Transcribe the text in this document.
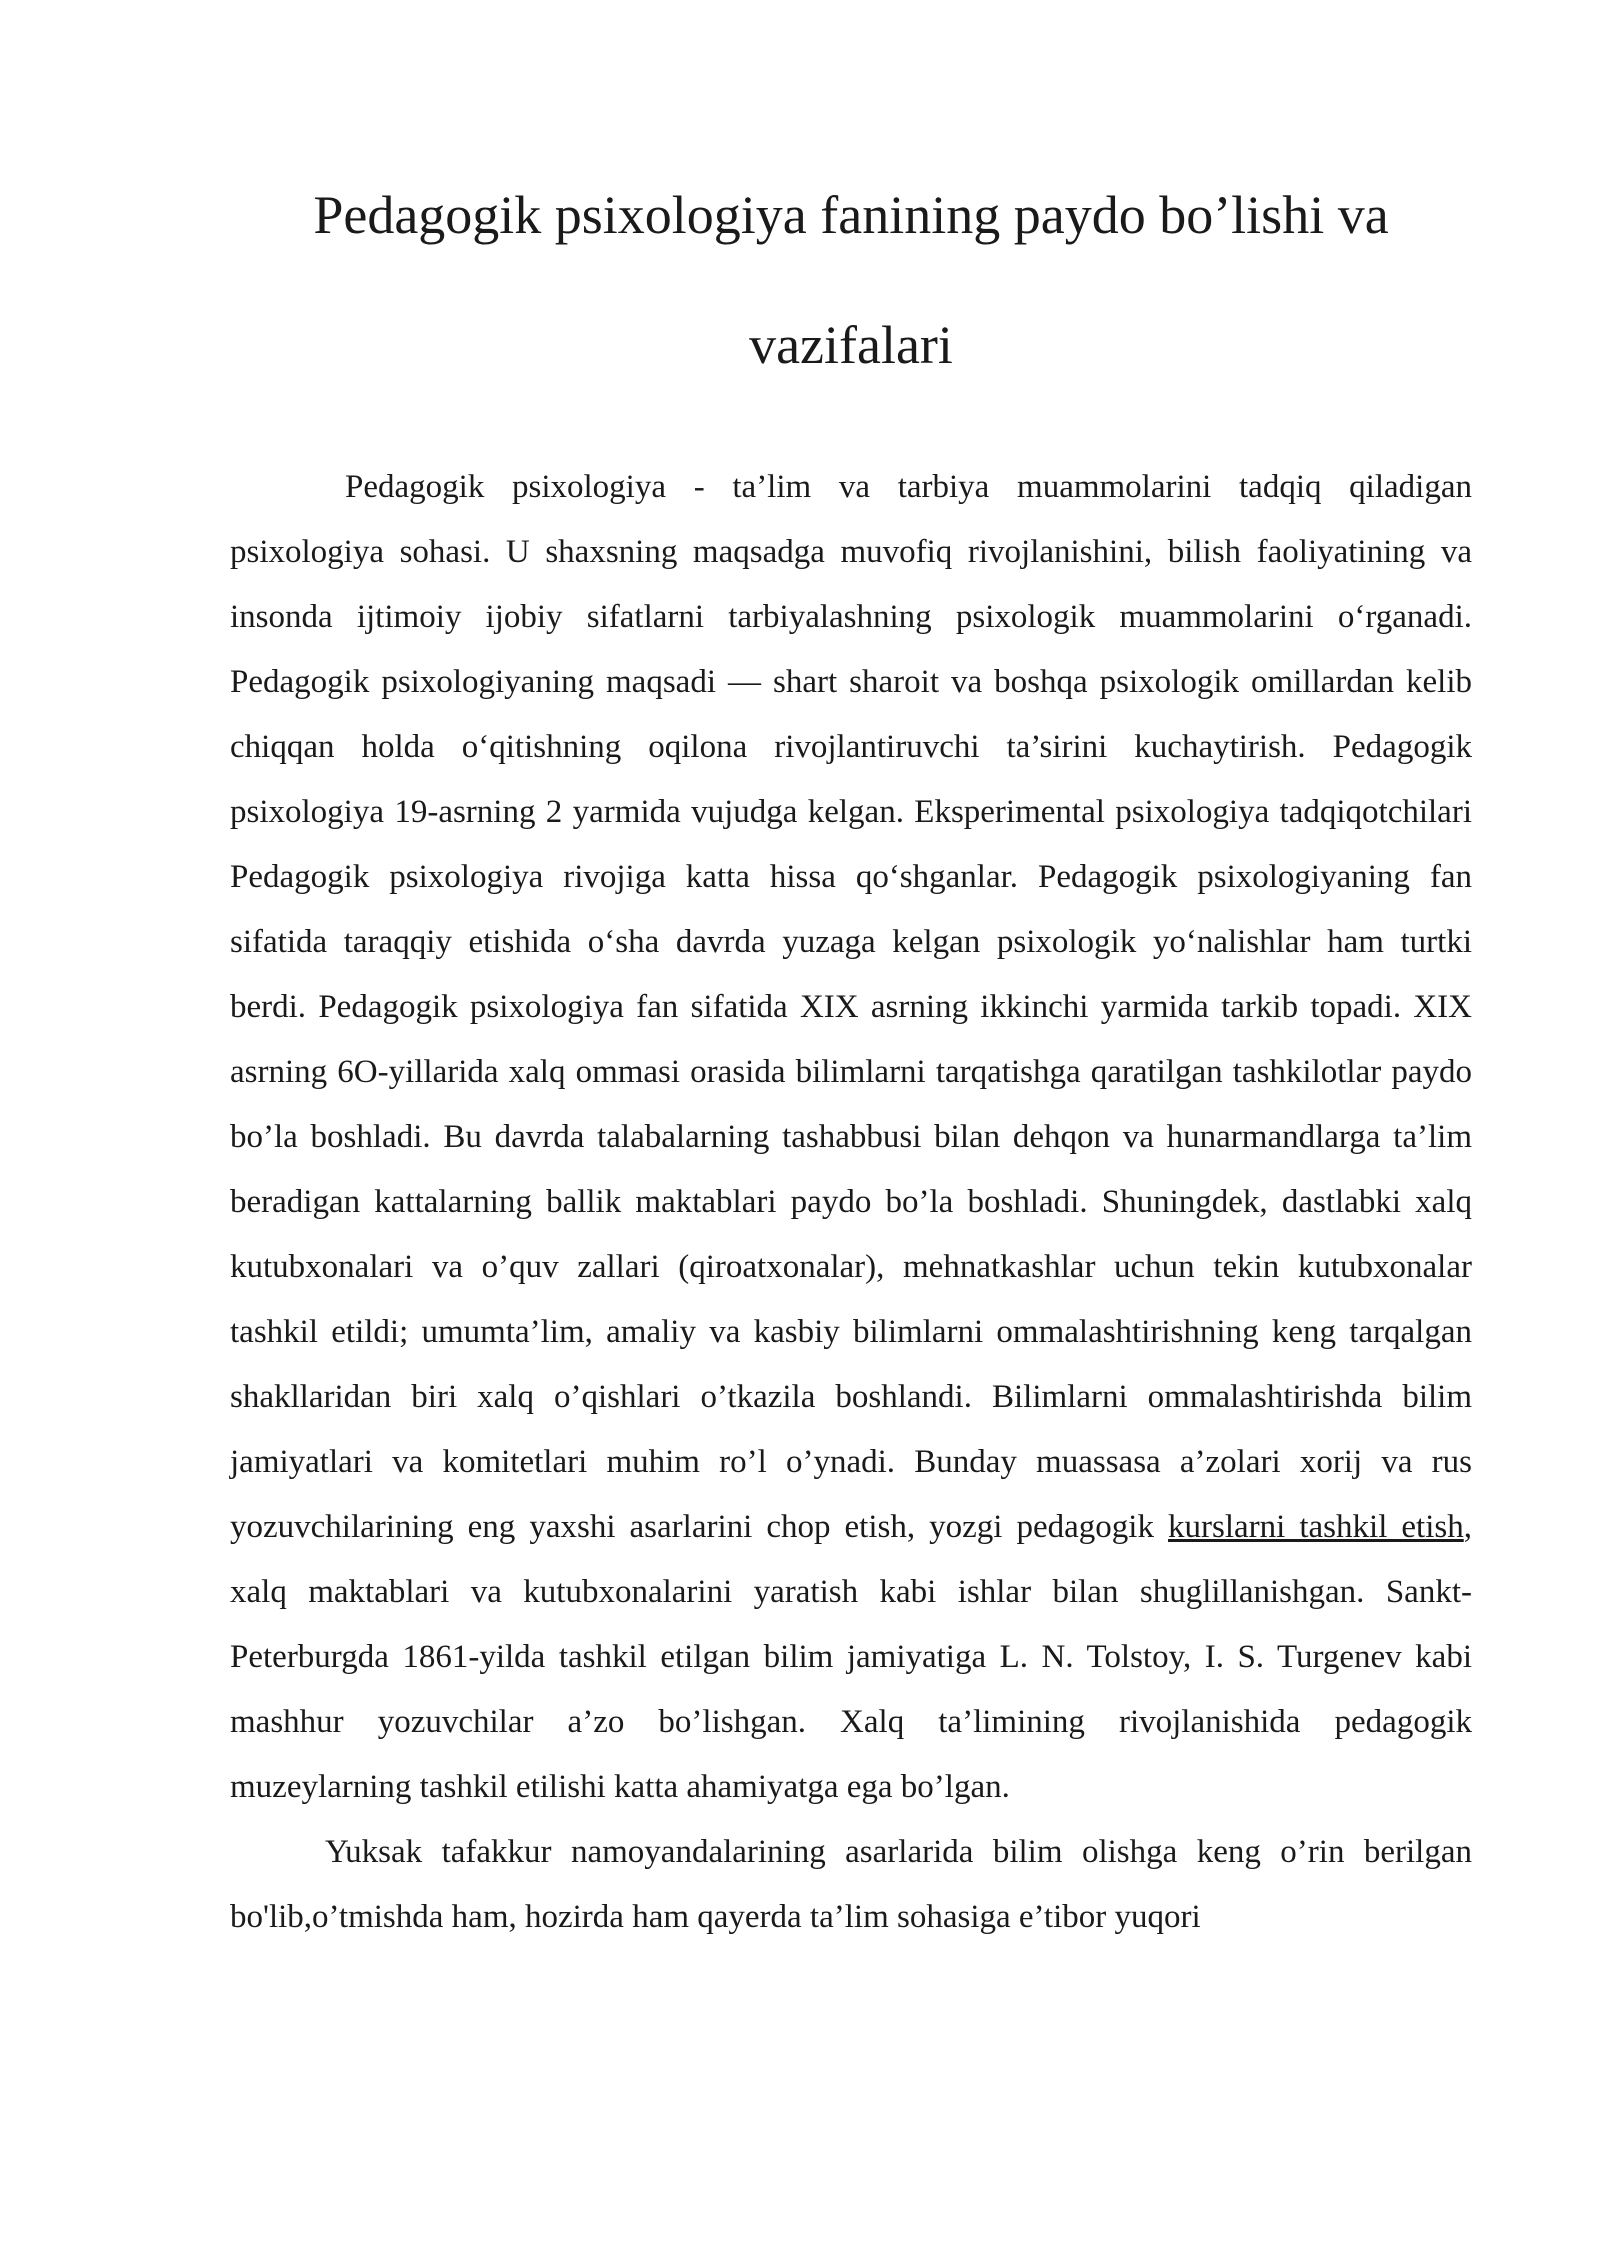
Pedagogik psixologiya fanining paydo bo’lishi va
vazifalari

Pedagogik psixologiya - ta’lim va tarbiya muammolarini tadqiq qiladigan psixologiya sohasi. U shaxsning maqsadga muvofiq rivojlanishini, bilish faoliyatining va insonda ijtimoiy ijobiy sifatlarni tarbiyalashning psixologik muammolarini oʻrganadi. Pedagogik psixologiyaning maqsadi — shart sharoit va boshqa psixologik omillardan kelib chiqqan holda oʻqitishning oqilona rivojlantiruvchi ta’sirini kuchaytirish. Pedagogik psixologiya 19-asrning 2 yarmida vujudga kelgan. Eksperimental psixologiya tadqiqotchilari Pedagogik psixologiya rivojiga katta hissa qoʻshganlar. Pedagogik psixologiyaning fan sifatida taraqqiy etishida oʻsha davrda yuzaga kelgan psixologik yoʻnalishlar ham turtki berdi. Pedagogik psixologiya fan sifatida XIX asrning ikkinchi yarmida tarkib topadi. XIX asrning 6O-yillarida xalq ommasi orasida bilimlarni tarqatishga qaratilgan tashkilotlar paydo bo’la boshladi. Bu davrda talabalarning tashabbusi bilan dehqon va hunarmandlarga ta’lim beradigan kattalarning ballik maktablari paydo bo’la boshladi. Shuningdek, dastlabki xalq kutubxonalari va o’quv zallari (qiroatxonalar), mehnatkashlar uchun tekin kutubxonalar tashkil etildi; umumta’lim, amaliy va kasbiy bilimlarni ommalashtirishning keng tarqalgan shakllaridan biri xalq o’qishlari o’tkazila boshlandi. Bilimlarni ommalashtirishda bilim jamiyatlari va komitetlari muhim ro’l o’ynadi. Bunday muassasa a’zolari xorij va rus yozuvchilarining eng yaxshi asarlarini chop etish, yozgi pedagogik kurslarni tashkil etish, xalq maktablari va kutubxonalarini yaratish kabi ishlar bilan shuglillanishgan. Sankt-Peterburgda 1861-yilda tashkil etilgan bilim jamiyatiga L. N. Tolstoy, I. S. Turgenev kabi mashhur yozuvchilar a’zo bo’lishgan. Xalq ta’limining rivojlanishida pedagogik muzeylarning tashkil etilishi katta ahamiyatga ega bo’lgan.

Yuksak tafakkur namoyandalarining asarlarida bilim olishga keng o’rin berilgan bo'lib,o’tmishda ham, hozirda ham qayerda ta’lim sohasiga e’tibor yuqori
